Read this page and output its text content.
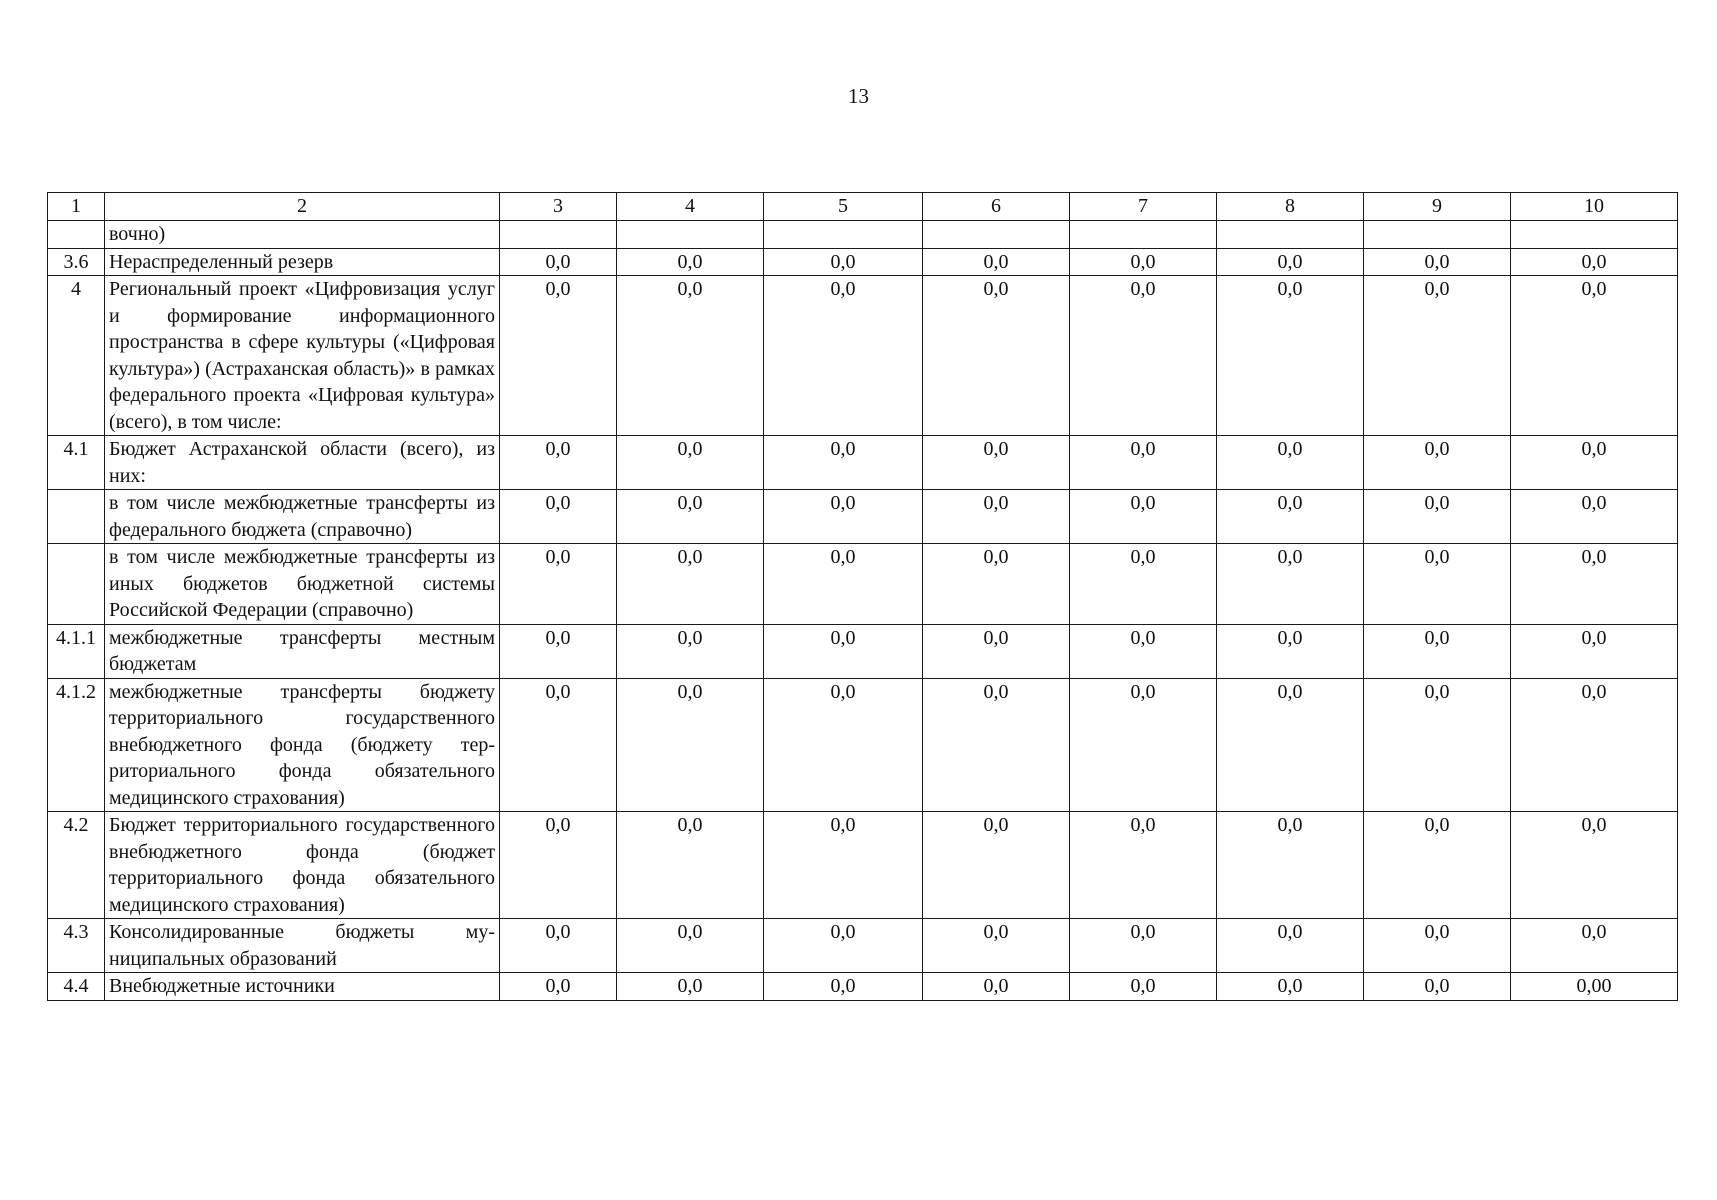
13
1	2	3	4	5	6	7	8	9	10
	вочно)								
3.6	Нераспределенный резерв	0,0	0,0	0,0	0,0	0,0	0,0	0,0	0,0
4	Региональный проект «Цифровизация услуг и формирование информационного пространства в сфере культуры («Цифровая культура») (Астраханская область)» в рамках федерального проекта «Цифровая культура» (всего), в том числе:	0,0	0,0	0,0	0,0	0,0	0,0	0,0	0,0
4.1	Бюджет Астраханской области (всего), из них:	0,0	0,0	0,0	0,0	0,0	0,0	0,0	0,0
	в том числе межбюджетные трансферты из федерального бюджета (справочно)	0,0	0,0	0,0	0,0	0,0	0,0	0,0	0,0
	в том числе межбюджетные трансферты из иных бюджетов бюджетной системы Российской Федерации (справочно)	0,0	0,0	0,0	0,0	0,0	0,0	0,0	0,0
4.1.1	межбюджетные трансферты местным бюджетам	0,0	0,0	0,0	0,0	0,0	0,0	0,0	0,0
4.1.2	межбюджетные трансферты бюджету территориального государственного внебюджетного фонда (бюджету территориального фонда обязательного медицинского страхования)	0,0	0,0	0,0	0,0	0,0	0,0	0,0	0,0
4.2	Бюджет территориального государственного внебюджетного фонда (бюджет территориального фонда обязательного медицинского страхования)	0,0	0,0	0,0	0,0	0,0	0,0	0,0	0,0
4.3	Консолидированные бюджеты муниципальных образований	0,0	0,0	0,0	0,0	0,0	0,0	0,0	0,0
4.4	Внебюджетные источники	0,0	0,0	0,0	0,0	0,0	0,0	0,0	0,00
